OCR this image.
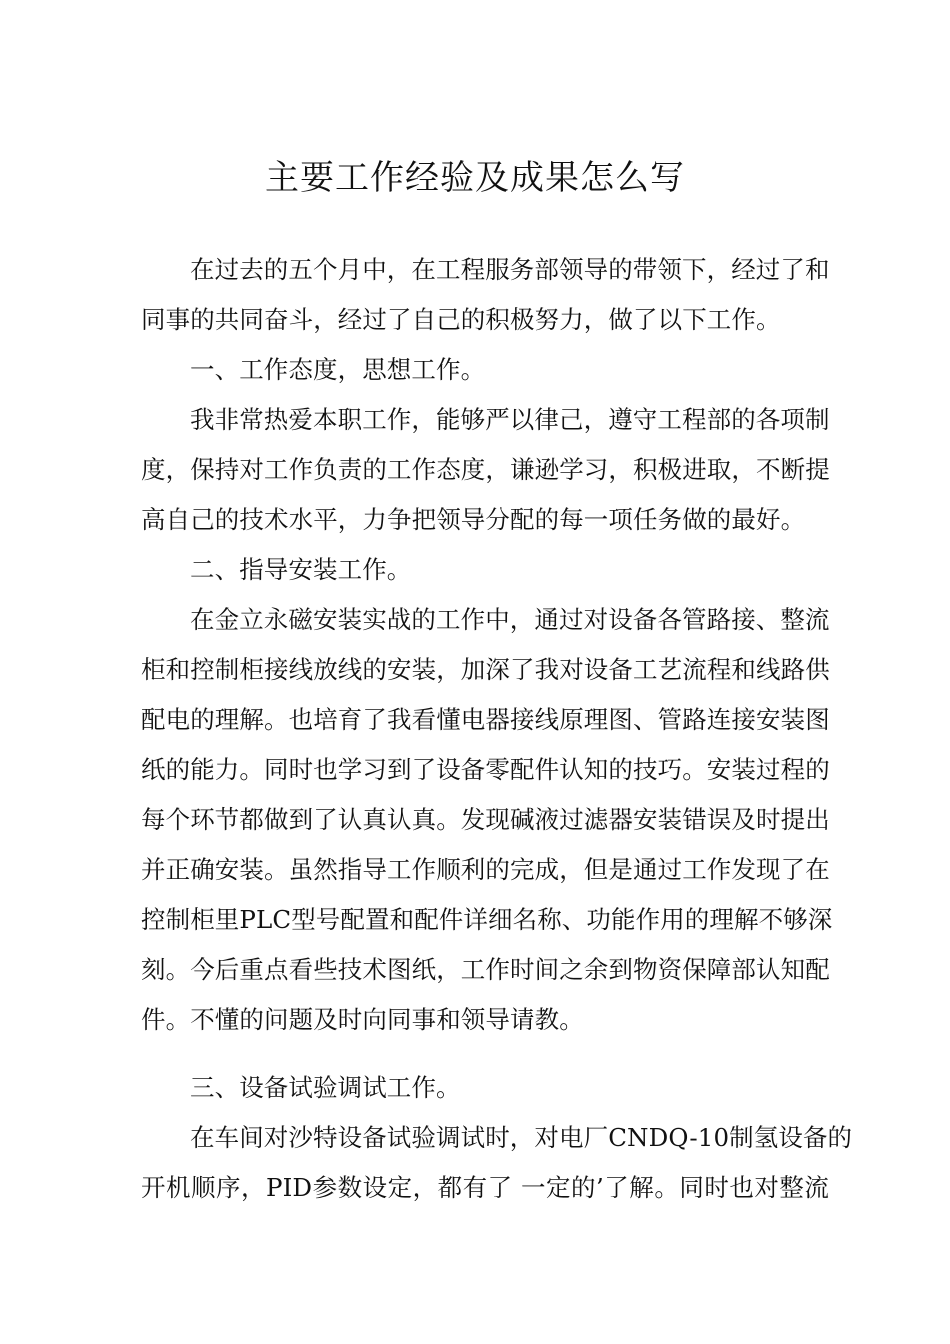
主要工作经验及成果怎么写
在过去的五个月中，在工程服务部领导的带领下，经过了和
同事的共同奋斗，经过了自己的积极努力，做了以下工作。
一、工作态度，思想工作。
我非常热爱本职工作，能够严以律己，遵守工程部的各项制
度，保持对工作负责的工作态度，谦逊学习，积极进取，不断提
高自己的技术水平，力争把领导分配的每一项任务做的最好。
二、指导安装工作。
在金立永磁安装实战的工作中，通过对设备各管路接、整流
柜和控制柜接线放线的安装，加深了我对设备工艺流程和线路供
配电的理解。也培育了我看懂电器接线原理图、管路连接安装图
纸的能力。同时也学习到了设备零配件认知的技巧。安装过程的
每个环节都做到了认真认真。发现碱液过滤器安装错误及时提出
并正确安装。虽然指导工作顺利的完成，但是通过工作发现了在
控制柜里PLC型号配置和配件详细名称、功能作用的理解不够深
刻。今后重点看些技术图纸，工作时间之余到物资保障部认知配
件。不懂的问题及时向同事和领导请教。
三、设备试验调试工作。
在车间对沙特设备试验调试时，对电厂CNDQ-10制氢设备的
开机顺序，PID参数设定，都有了 一定的’了解。同时也对整流
